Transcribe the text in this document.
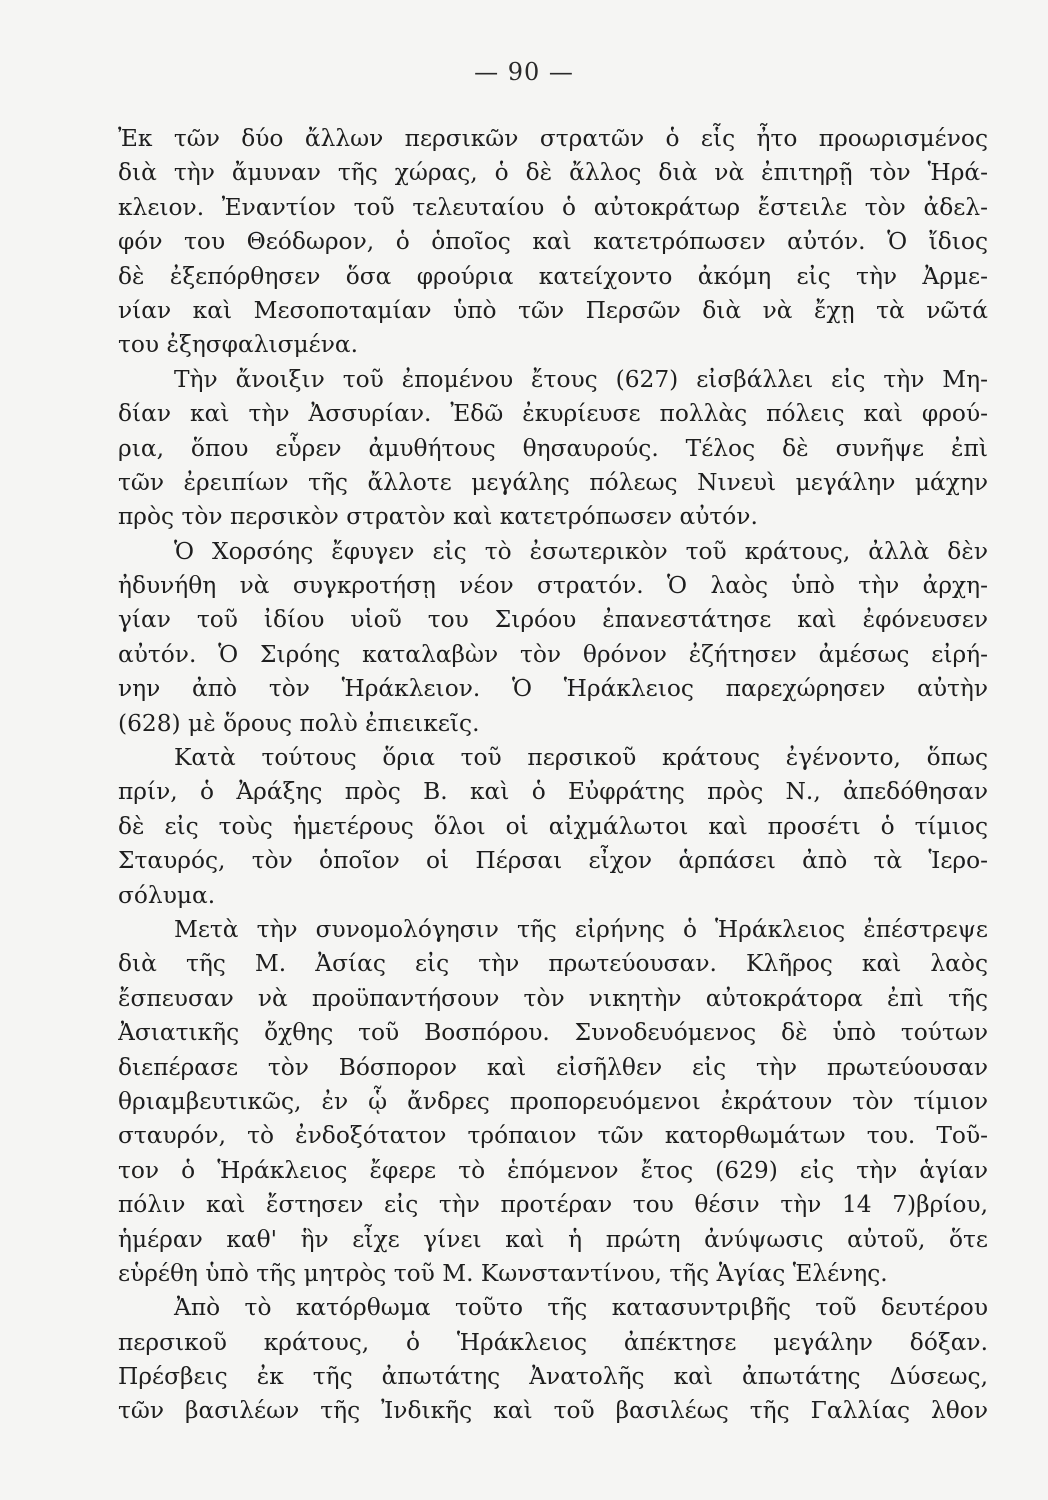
— 90 —
Ἐκ τῶν δύο ἄλλων περσικῶν στρατῶν ὁ εἷς ἦτο προωρισμένος
διὰ τὴν ἄμυναν τῆς χώρας, ὁ δὲ ἄλλος διὰ νὰ ἐπιτηρῇ τὸν Ἡρά-
κλειον. Ἐναντίον τοῦ τελευταίου ὁ αὐτοκράτωρ ἔστειλε τὸν ἀδελ-
φόν του Θεόδωρον, ὁ ὁποῖος καὶ κατετρόπωσεν αὐτόν. Ὁ ἴδιος
δὲ ἐξεπόρθησεν ὅσα φρούρια κατείχοντο ἀκόμη εἰς τὴν Ἀρμε-
νίαν καὶ Μεσοποταμίαν ὑπὸ τῶν Περσῶν διὰ νὰ ἔχῃ τὰ νῶτά
του ἐξησφαλισμένα.
Τὴν ἄνοιξιν τοῦ ἐπομένου ἔτους (627) εἰσβάλλει εἰς τὴν Μη-
δίαν καὶ τὴν Ἀσσυρίαν. Ἐδῶ ἐκυρίευσε πολλὰς πόλεις καὶ φρού-
ρια, ὅπου εὗρεν ἀμυθήτους θησαυρούς. Τέλος δὲ συνῆψε ἐπὶ
τῶν ἐρειπίων τῆς ἄλλοτε μεγάλης πόλεως Νινευὶ μεγάλην μάχην
πρὸς τὸν περσικὸν στρατὸν καὶ κατετρόπωσεν αὐτόν.
Ὁ Χορσόης ἔφυγεν εἰς τὸ ἐσωτερικὸν τοῦ κράτους, ἀλλὰ δὲν
ἠδυνήθη νὰ συγκροτήσῃ νέον στρατόν. Ὁ λαὸς ὑπὸ τὴν ἀρχη-
γίαν τοῦ ἰδίου υἱοῦ του Σιρόου ἐπανεστάτησε καὶ ἐφόνευσεν
αὐτόν. Ὁ Σιρόης καταλαβὼν τὸν θρόνον ἐζήτησεν ἀμέσως εἰρή-
νην ἀπὸ τὸν Ἡράκλειον. Ὁ Ἡράκλειος παρεχώρησεν αὐτὴν
(628) μὲ ὅρους πολὺ ἐπιεικεῖς.
Κατὰ τούτους ὅρια τοῦ περσικοῦ κράτους ἐγένοντο, ὅπως
πρίν, ὁ Ἀράξης πρὸς Β. καὶ ὁ Εὐφράτης πρὸς Ν., ἀπεδόθησαν
δὲ εἰς τοὺς ἡμετέρους ὅλοι οἱ αἰχμάλωτοι καὶ προσέτι ὁ τίμιος
Σταυρός, τὸν ὁποῖον οἱ Πέρσαι εἶχον ἁρπάσει ἀπὸ τὰ Ἱερο-
σόλυμα.
Μετὰ τὴν συνομολόγησιν τῆς εἰρήνης ὁ Ἡράκλειος ἐπέστρεψε
διὰ τῆς Μ. Ἀσίας εἰς τὴν πρωτεύουσαν. Κλῆρος καὶ λαὸς
ἔσπευσαν νὰ προϋπαντήσουν τὸν νικητὴν αὐτοκράτορα ἐπὶ τῆς
Ἀσιατικῆς ὄχθης τοῦ Βοσπόρου. Συνοδευόμενος δὲ ὑπὸ τούτων
διεπέρασε τὸν Βόσπορον καὶ εἰσῆλθεν εἰς τὴν πρωτεύουσαν
θριαμβευτικῶς, ἐν ᾧ ἄνδρες προπορευόμενοι ἐκράτουν τὸν τίμιον
σταυρόν, τὸ ἐνδοξότατον τρόπαιον τῶν κατορθωμάτων του. Τοῦ-
τον ὁ Ἡράκλειος ἔφερε τὸ ἑπόμενον ἔτος (629) εἰς τὴν ἁγίαν
πόλιν καὶ ἔστησεν εἰς τὴν προτέραν του θέσιν τὴν 14 7)βρίου,
ἡμέραν καθ' ἣν εἶχε γίνει καὶ ἡ πρώτη ἀνύψωσις αὐτοῦ, ὅτε
εὑρέθη ὑπὸ τῆς μητρὸς τοῦ Μ. Κωνσταντίνου, τῆς Ἁγίας Ἑλένης.
Ἀπὸ τὸ κατόρθωμα τοῦτο τῆς κατασυντριβῆς τοῦ δευτέρου
περσικοῦ κράτους, ὁ Ἡράκλειος ἀπέκτησε μεγάλην δόξαν.
Πρέσβεις ἐκ τῆς ἀπωτάτης Ἀνατολῆς καὶ ἀπωτάτης Δύσεως,
τῶν βασιλέων τῆς Ἰνδικῆς καὶ τοῦ βασιλέως τῆς Γαλλίας λθον
